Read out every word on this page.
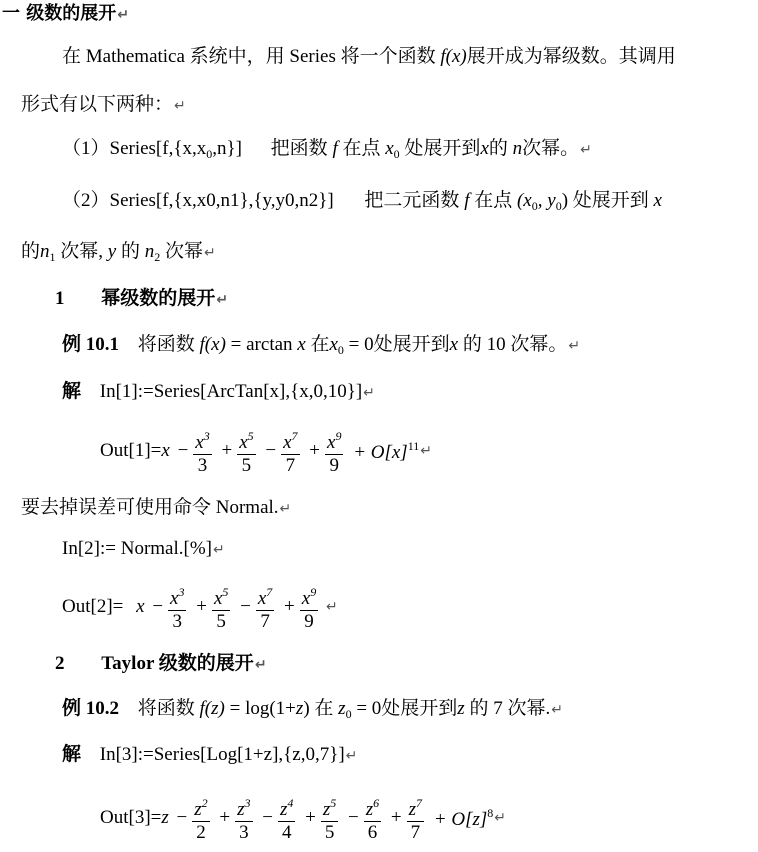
一 级数的展开↵
在 Mathematica 系统中，用 Series 将一个函数 f(x)展开成为幂级数。其调用
形式有以下两种：↵
$(1)Series[f,\{x,x_0,n\}]$ 把函数 f 在点 $x_0$ 处展开到x的 n次幂。↵
（2）Series[f,{x,x0,n1},{y,y0,n2}] 把二元函数 f 在点 ($x_0$, $y_0$) 处展开到 x
的$n_1$ 次幂, y 的 $n_2$ 次幂↵
1 幂级数的展开↵
例 10.1 将函数 f(x) = arctan x 在$x_0 = 0$处展开到x 的 10 次幂。↵
解 In[1]:=Series[ArcTan[x],{x,0,10}]↵
$Out[1]=x - \frac{x^3}{3} + \frac{x^5}{5} - \frac{x^7}{7} + \frac{x^9}{9}$ + $O[x]^{11}↵$
要去掉误差可使用命令 Normal.↵
In[2]:= Normal.[%]↵
$Out[2]= x - \frac{x^3}{3} + \frac{x^5}{5} - \frac{x^7}{7} + \frac{x^9}{9}$ ↵
2 Taylor 级数的展开↵
例 10.2 将函数 f(z) = log(1+z) 在 $z_0 = 0$处展开到z 的 7 次幂.↵
解 In[3]:=Series[Log[1+z],{z,0,7}]↵
$Out[3]=z - \frac{z^2}{2} + \frac{z^3}{3} - \frac{z^4}{4} + \frac{z^5}{5} - \frac{z^6}{6} + \frac{z^7}{7}$ + $O[z]^8↵$
